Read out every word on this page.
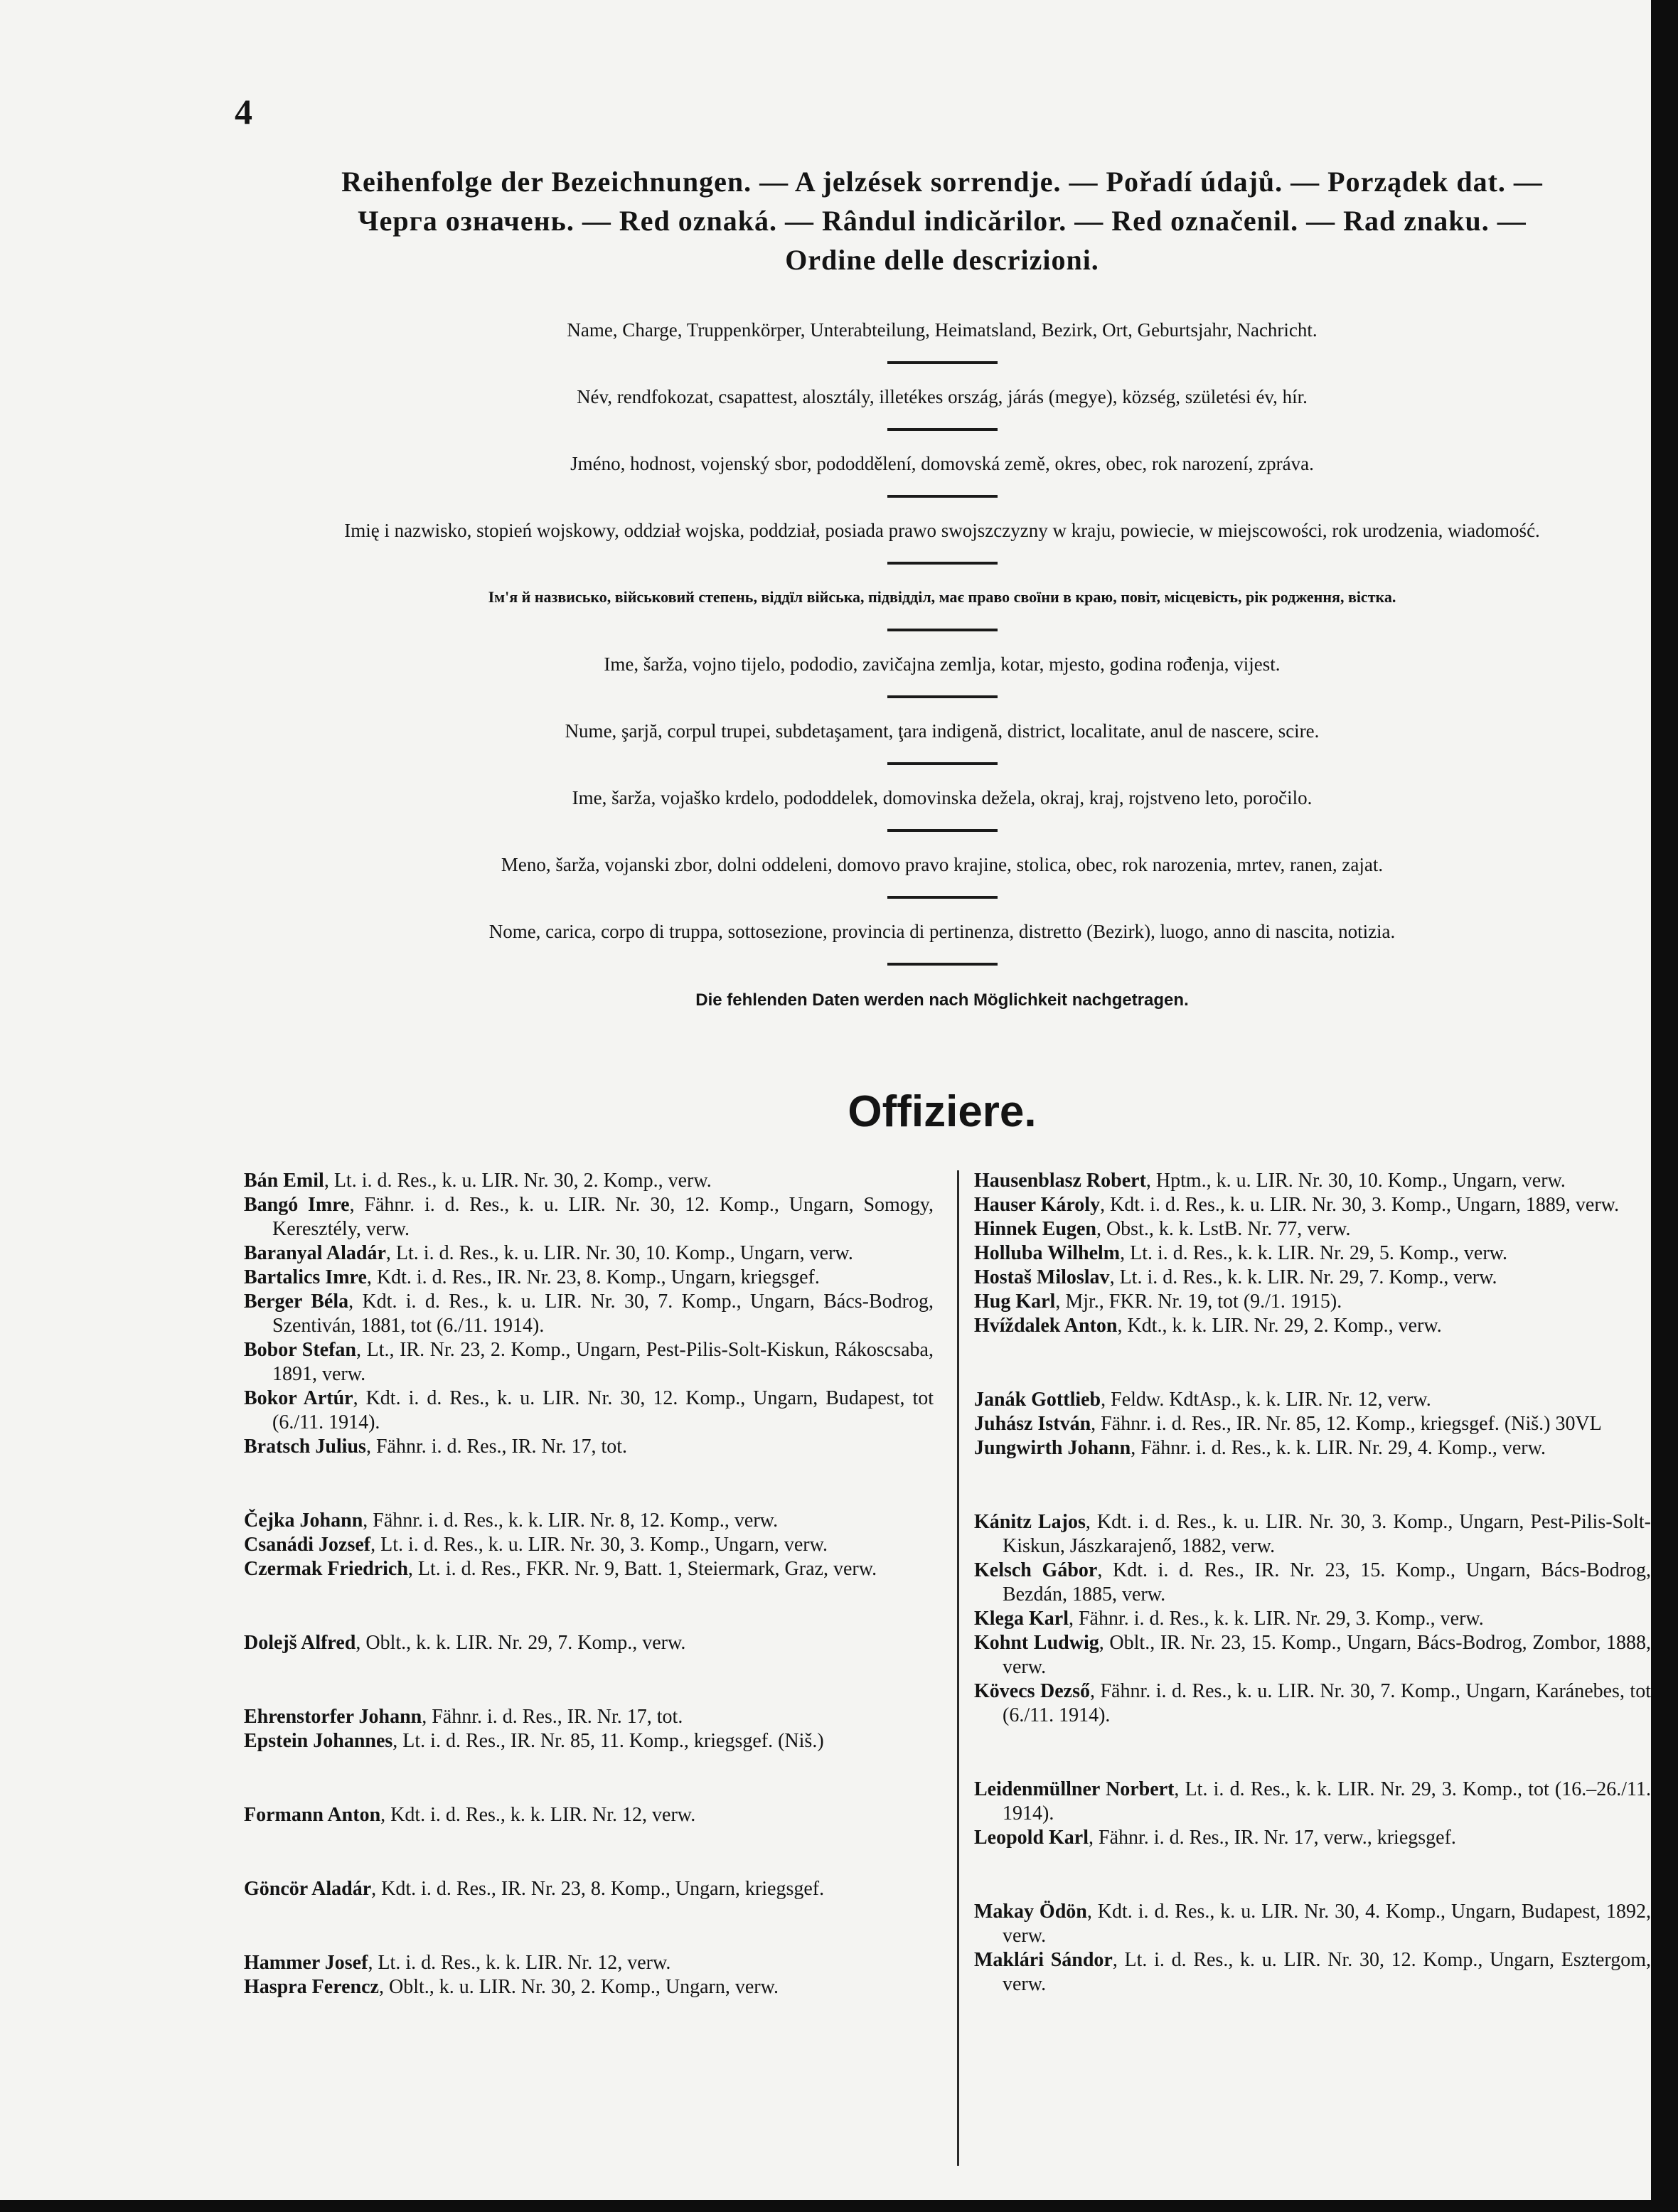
4
Reihenfolge der Bezeichnungen. — A jelzések sorrendje. — Pořadí údajů. — Porządek dat. —
Черга означень. — Red oznaká. — Rândul indicărilor. — Red označenil. — Rad znaku. —
Ordine delle descrizioni.
Name, Charge, Truppenkörper, Unterabteilung, Heimatsland, Bezirk, Ort, Geburtsjahr, Nachricht.
Név, rendfokozat, csapattest, alosztály, illetékes ország, járás (megye), község, születési év, hír.
Jméno, hodnost, vojenský sbor, pododdělení, domovská země, okres, obec, rok narození, zpráva.
Imię i nazwisko, stopień wojskowy, oddział wojska, poddział, posiada prawo swojszczyzny w kraju, powiecie, w miejscowości, rok urodzenia, wiadomość.
Ім'я й назвисько, військовий степень, віддїл війська, підвідділ, має право своїни в краю, повіт, місцевість, рік родження, вістка.
Ime, šarža, vojno tijelo, pododio, zavičajna zemlja, kotar, mjesto, godina rođenja, vijest.
Nume, şarjă, corpul trupei, subdetaşament, ţara indigenă, district, localitate, anul de nascere, scire.
Ime, šarža, vojaško krdelo, pododdelek, domovinska dežela, okraj, kraj, rojstveno leto, poročilo.
Meno, šarža, vojanski zbor, dolni oddeleni, domovo pravo krajine, stolica, obec, rok narozenia, mrtev, ranen, zajat.
Nome, carica, corpo di truppa, sottosezione, provincia di pertinenza, distretto (Bezirk), luogo, anno di nascita, notizia.
Die fehlenden Daten werden nach Möglichkeit nachgetragen.
Offiziere.
Bán Emil, Lt. i. d. Res., k. u. LIR. Nr. 30, 2. Komp., verw.
Bangó Imre, Fähnr. i. d. Res., k. u. LIR. Nr. 30, 12. Komp., Ungarn, Somogy, Keresztély, verw.
Baranyal Aladár, Lt. i. d. Res., k. u. LIR. Nr. 30, 10. Komp., Ungarn, verw.
Bartalics Imre, Kdt. i. d. Res., IR. Nr. 23, 8. Komp., Ungarn, kriegsgef.
Berger Béla, Kdt. i. d. Res., k. u. LIR. Nr. 30, 7. Komp., Ungarn, Bács-Bodrog, Szentiván, 1881, tot (6./11. 1914).
Bobor Stefan, Lt., IR. Nr. 23, 2. Komp., Ungarn, Pest-Pilis-Solt-Kiskun, Rákoscsaba, 1891, verw.
Bokor Artúr, Kdt. i. d. Res., k. u. LIR. Nr. 30, 12. Komp., Ungarn, Budapest, tot (6./11. 1914).
Bratsch Julius, Fähnr. i. d. Res., IR. Nr. 17, tot.
Čejka Johann, Fähnr. i. d. Res., k. k. LIR. Nr. 8, 12. Komp., verw.
Csanádi Jozsef, Lt. i. d. Res., k. u. LIR. Nr. 30, 3. Komp., Ungarn, verw.
Czermak Friedrich, Lt. i. d. Res., FKR. Nr. 9, Batt. 1, Steiermark, Graz, verw.
Dolejš Alfred, Oblt., k. k. LIR. Nr. 29, 7. Komp., verw.
Ehrenstorfer Johann, Fähnr. i. d. Res., IR. Nr. 17, tot.
Epstein Johannes, Lt. i. d. Res., IR. Nr. 85, 11. Komp., kriegsgef. (Niš.)
Formann Anton, Kdt. i. d. Res., k. k. LIR. Nr. 12, verw.
Göncör Aladár, Kdt. i. d. Res., IR. Nr. 23, 8. Komp., Ungarn, kriegsgef.
Hammer Josef, Lt. i. d. Res., k. k. LIR. Nr. 12, verw.
Haspra Ferencz, Oblt., k. u. LIR. Nr. 30, 2. Komp., Ungarn, verw.
Hausenblasz Robert, Hptm., k. u. LIR. Nr. 30, 10. Komp., Ungarn, verw.
Hauser Károly, Kdt. i. d. Res., k. u. LIR. Nr. 30, 3. Komp., Ungarn, 1889, verw.
Hinnek Eugen, Obst., k. k. LstB. Nr. 77, verw.
Holluba Wilhelm, Lt. i. d. Res., k. k. LIR. Nr. 29, 5. Komp., verw.
Hostaš Miloslav, Lt. i. d. Res., k. k. LIR. Nr. 29, 7. Komp., verw.
Hug Karl, Mjr., FKR. Nr. 19, tot (9./1. 1915).
Hvíždalek Anton, Kdt., k. k. LIR. Nr. 29, 2. Komp., verw.
Janák Gottlieb, Feldw. KdtAsp., k. k. LIR. Nr. 12, verw.
Juhász István, Fähnr. i. d. Res., IR. Nr. 85, 12. Komp., kriegsgef. (Niš.) 30VL
Jungwirth Johann, Fähnr. i. d. Res., k. k. LIR. Nr. 29, 4. Komp., verw.
Kánitz Lajos, Kdt. i. d. Res., k. u. LIR. Nr. 30, 3. Komp., Ungarn, Pest-Pilis-Solt-Kiskun, Jászkarajenő, 1882, verw.
Kelsch Gábor, Kdt. i. d. Res., IR. Nr. 23, 15. Komp., Ungarn, Bács-Bodrog, Bezdán, 1885, verw.
Klega Karl, Fähnr. i. d. Res., k. k. LIR. Nr. 29, 3. Komp., verw.
Kohnt Ludwig, Oblt., IR. Nr. 23, 15. Komp., Ungarn, Bács-Bodrog, Zombor, 1888, verw.
Kövecs Dezső, Fähnr. i. d. Res., k. u. LIR. Nr. 30, 7. Komp., Ungarn, Karánebes, tot (6./11. 1914).
Leidenmüllner Norbert, Lt. i. d. Res., k. k. LIR. Nr. 29, 3. Komp., tot (16.–26./11. 1914).
Leopold Karl, Fähnr. i. d. Res., IR. Nr. 17, verw., kriegsgef.
Makay Ödön, Kdt. i. d. Res., k. u. LIR. Nr. 30, 4. Komp., Ungarn, Budapest, 1892, verw.
Maklári Sándor, Lt. i. d. Res., k. u. LIR. Nr. 30, 12. Komp., Ungarn, Esztergom, verw.
